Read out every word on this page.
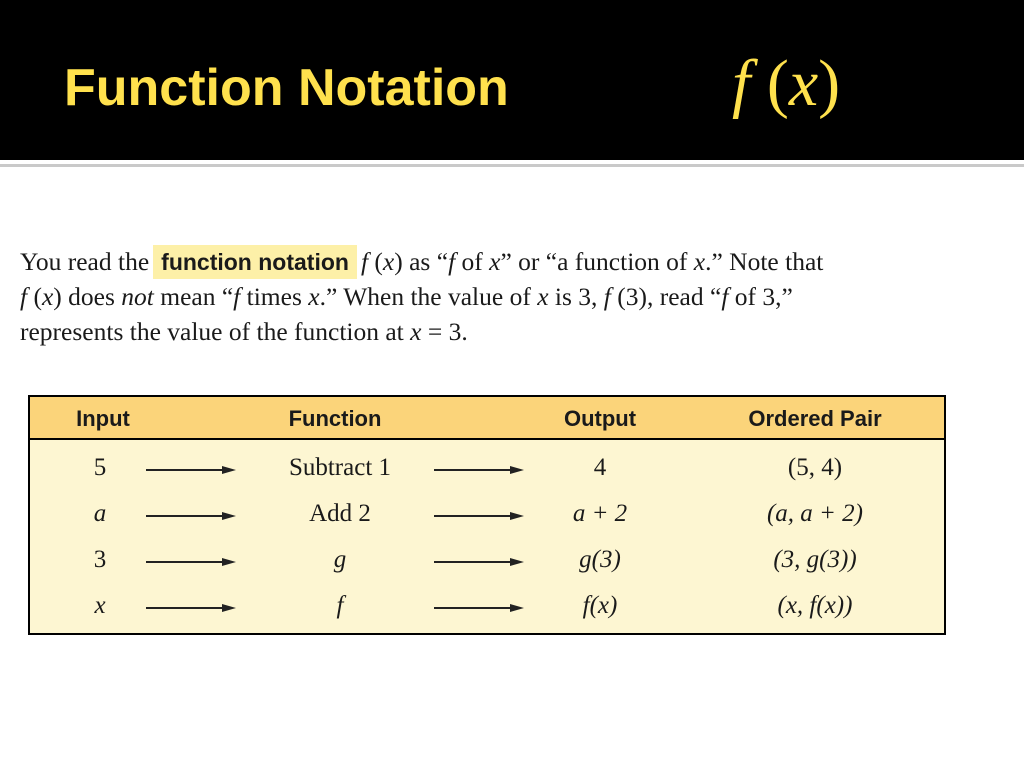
Function Notation	f (x)
You read the function notation f (x) as “f of x” or “a function of x.” Note that
f (x) does not mean “f times x.” When the value of x is 3, f (3), read “f of 3,”
represents the value of the function at x = 3.
Input	Function	Output	Ordered Pair
5	Subtract 1	4	(5, 4)
a	Add 2	a + 2	(a, a + 2)
3	g	g(3)	(3, g(3))
x	f	f(x)	(x, f(x))
